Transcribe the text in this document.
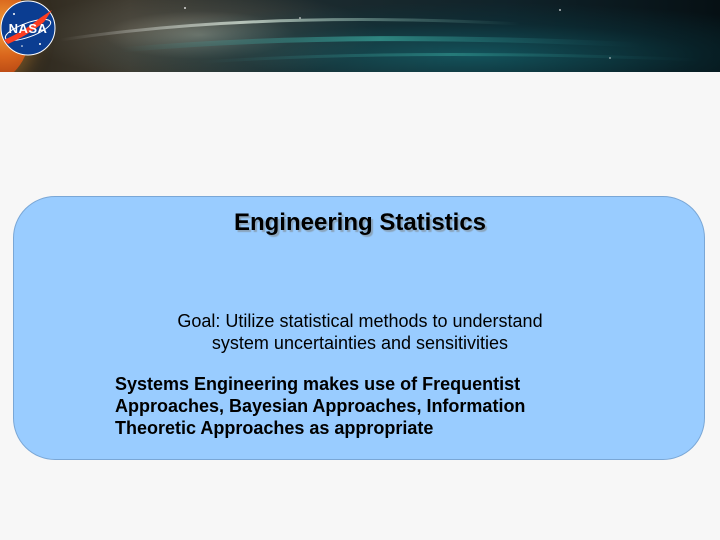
NASA
Engineering Statistics

Goal: Utilize statistical methods to understand
system uncertainties and sensitivities

Systems Engineering makes use of Frequentist
Approaches, Bayesian Approaches, Information
Theoretic Approaches as appropriate
